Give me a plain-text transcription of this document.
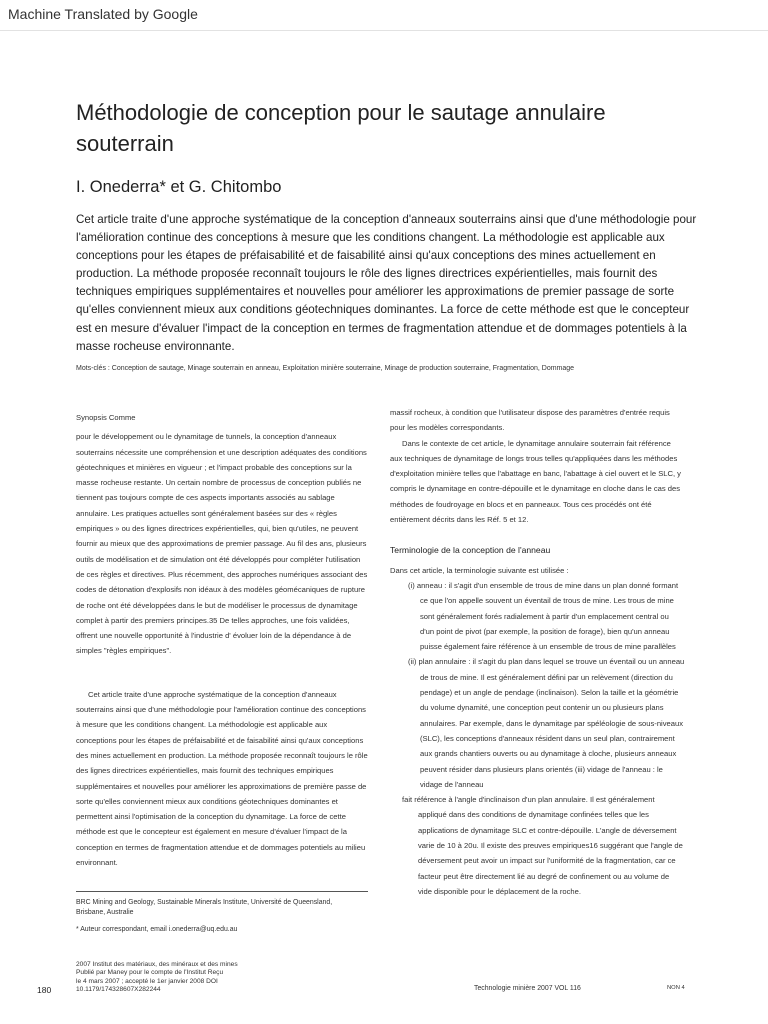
Machine Translated by Google
Méthodologie de conception pour le sautage annulaire souterrain
I. Onederra* et G. Chitombo

Cet article traite d'une approche systématique de la conception d'anneaux souterrains ainsi que d'une méthodologie pour l'amélioration continue des conceptions à mesure que les conditions changent. La méthodologie est applicable aux conceptions pour les étapes de préfaisabilité et de faisabilité ainsi qu'aux conceptions des mines actuellement en production. La méthode proposée reconnaît toujours le rôle des lignes directrices expérientielles, mais fournit des techniques empiriques supplémentaires et nouvelles pour améliorer les approximations de premier passage de sorte qu'elles conviennent mieux aux conditions géotechniques dominantes. La force de cette méthode est que le concepteur est en mesure d'évaluer l'impact de la conception en termes de fragmentation attendue et de dommages potentiels à la masse rocheuse environnante.

Mots-clés : Conception de sautage, Minage souterrain en anneau, Exploitation minière souterraine, Minage de production souterraine, Fragmentation, Dommage

Synopsis Comme

pour le développement ou le dynamitage de tunnels, la conception d'anneaux souterrains nécessite une compréhension et une description adéquates des conditions géotechniques et minières en vigueur ; et l'impact probable des conceptions sur la masse rocheuse restante. Un certain nombre de processus de conception publiés ne tiennent pas toujours compte de ces aspects importants associés au sablage annulaire. Les pratiques actuelles sont généralement basées sur des « règles empiriques » ou des lignes directrices expérientielles, qui, bien qu'utiles, ne peuvent fournir au mieux que des approximations de premier passage. Au fil des ans, plusieurs outils de modélisation et de simulation ont été développés pour compléter l'utilisation de ces règles et directives. Plus récemment, des approches numériques associant des codes de détonation d'explosifs non idéaux à des modèles géomécaniques de rupture de roche ont été développées dans le but de modéliser le processus de dynamitage complet à partir des premiers principes.35 De telles approches, une fois validées, offrent une nouvelle opportunité à l'industrie d' évoluer loin de la dépendance à de simples "règles empiriques".

Cet article traite d'une approche systématique de la conception d'anneaux souterrains ainsi que d'une méthodologie pour l'amélioration continue des conceptions à mesure que les conditions changent. La méthodologie est applicable aux conceptions pour les étapes de préfaisabilité et de faisabilité ainsi qu'aux conceptions des mines actuellement en production. La méthode proposée reconnaît toujours le rôle des lignes directrices expérientielles, mais fournit des techniques empiriques supplémentaires et nouvelles pour améliorer les approximations de première passe de sorte qu'elles conviennent mieux aux conditions géotechniques dominantes et permettent ainsi l'optimisation de la conception du dynamitage. La force de cette méthode est que le concepteur est également en mesure d'évaluer l'impact de la conception en termes de fragmentation attendue et de dommages potentiels au milieu environnant.

massif rocheux, à condition que l'utilisateur dispose des paramètres d'entrée requis pour les modèles correspondants.

Dans le contexte de cet article, le dynamitage annulaire souterrain fait référence aux techniques de dynamitage de longs trous telles qu'appliquées dans les méthodes d'exploitation minière telles que l'abattage en banc, l'abattage à ciel ouvert et le SLC, y compris le dynamitage en contre-dépouille et le dynamitage en cloche dans le cas des méthodes de foudroyage en blocs et en panneaux. Tous ces procédés ont été entièrement décrits dans les Réf. 5 et 12.

Terminologie de la conception de l'anneau

Dans cet article, la terminologie suivante est utilisée :

(i) anneau : il s'agit d'un ensemble de trous de mine dans un plan donné formant ce que l'on appelle souvent un éventail de trous de mine. Les trous de mine sont généralement forés radialement à partir d'un emplacement central ou d'un point de pivot (par exemple, la position de forage), bien qu'un anneau puisse également faire référence à un ensemble de trous de mine parallèles

(ii) plan annulaire : il s'agit du plan dans lequel se trouve un éventail ou un anneau de trous de mine. Il est généralement défini par un relèvement (direction du pendage) et un angle de pendage (inclinaison). Selon la taille et la géométrie du volume dynamité, une conception peut contenir un ou plusieurs plans annulaires. Par exemple, dans le dynamitage par spéléologie de sous-niveaux (SLC), les conceptions d'anneaux résident dans un seul plan, contrairement aux grands chantiers ouverts ou au dynamitage à cloche, plusieurs anneaux peuvent résider dans plusieurs plans orientés (iii) vidage de l'anneau : le vidage de l'anneau

fait référence à l'angle d'inclinaison d'un plan annulaire. Il est généralement

appliqué dans des conditions de dynamitage confinées telles que les applications de dynamitage SLC et contre-dépouille. L'angle de déversement varie de 10 à 20u. Il existe des preuves empiriques16 suggérant que l'angle de déversement peut avoir un impact sur l'uniformité de la fragmentation, car ce facteur peut être directement lié au degré de confinement ou au volume de vide disponible pour le déplacement de la roche.

BRC Mining and Geology, Sustainable Minerals Institute, Université de Queensland, Brisbane, Australie
* Auteur correspondant, email i.onederra@uq.edu.au
2007 Institut des matériaux, des minéraux et des mines
Publié par Maney pour le compte de l'Institut Reçu
le 4 mars 2007 ; accepté le 1er janvier 2008 DOI
10.1179/174328607X282244
180	Technologie minière 2007 VOL 116	NON 4
